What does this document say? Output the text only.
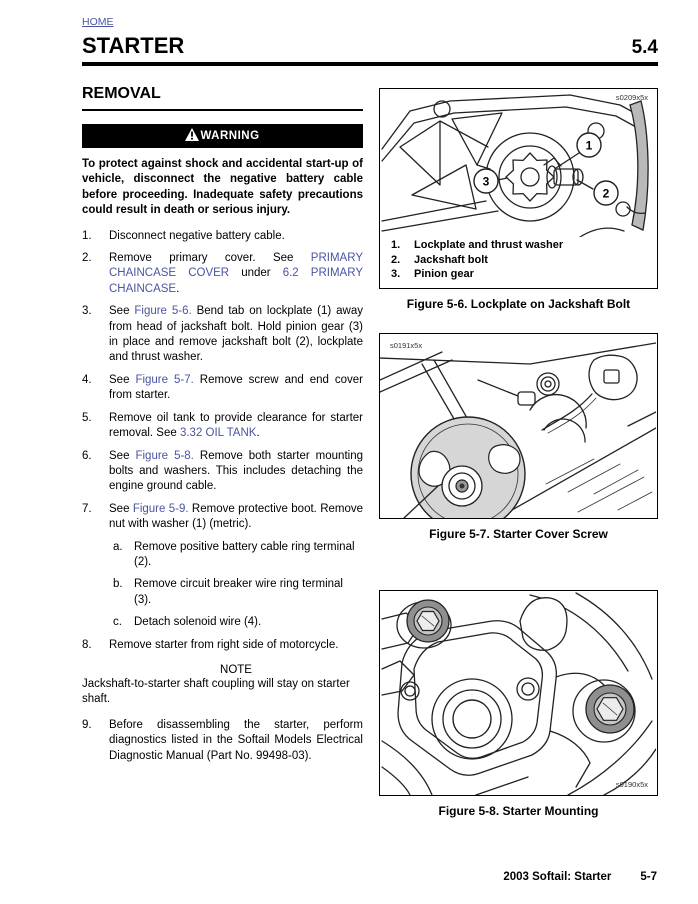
HOME
STARTER	5.4
REMOVAL
WARNING

To protect against shock and accidental start-up of vehicle, disconnect the negative battery cable before proceeding. Inadequate safety precautions could result in death or serious injury.

1.	Disconnect negative battery cable.
2.	Remove primary cover. See PRIMARY CHAINCASE COVER under 6.2 PRIMARY CHAINCASE.
3.	See Figure 5-6. Bend tab on lockplate (1) away from head of jackshaft bolt. Hold pinion gear (3) in place and remove jackshaft bolt (2), lockplate and thrust washer.
4.	See Figure 5-7. Remove screw and end cover from starter.
5.	Remove oil tank to provide clearance for starter removal. See 3.32 OIL TANK.
6.	See Figure 5-8. Remove both starter mounting bolts and washers. This includes detaching the engine ground cable.
7.	See Figure 5-9. Remove protective boot. Remove nut with washer (1) (metric).
a. Remove positive battery cable ring terminal (2).
b. Remove circuit breaker wire ring terminal (3).
c.	Detach solenoid wire (4).
8.	Remove starter from right side of motorcycle.
NOTE

Jackshaft-to-starter shaft coupling will stay on starter shaft.

9.	Before disassembling the starter, perform diagnostics listed in the Softail Models Electrical Diagnostic Manual (Part No. 99498-03).
1
2
3
s0209x5x
1.	Lockplate and thrust washer
2.	Jackshaft bolt
3.	Pinion gear
Figure 5-6. Lockplate on Jackshaft Bolt
s0191x5x
Figure 5-7. Starter Cover Screw
s0190x5x
Figure 5-8. Starter Mounting
2003 Softail: Starter	5-7
